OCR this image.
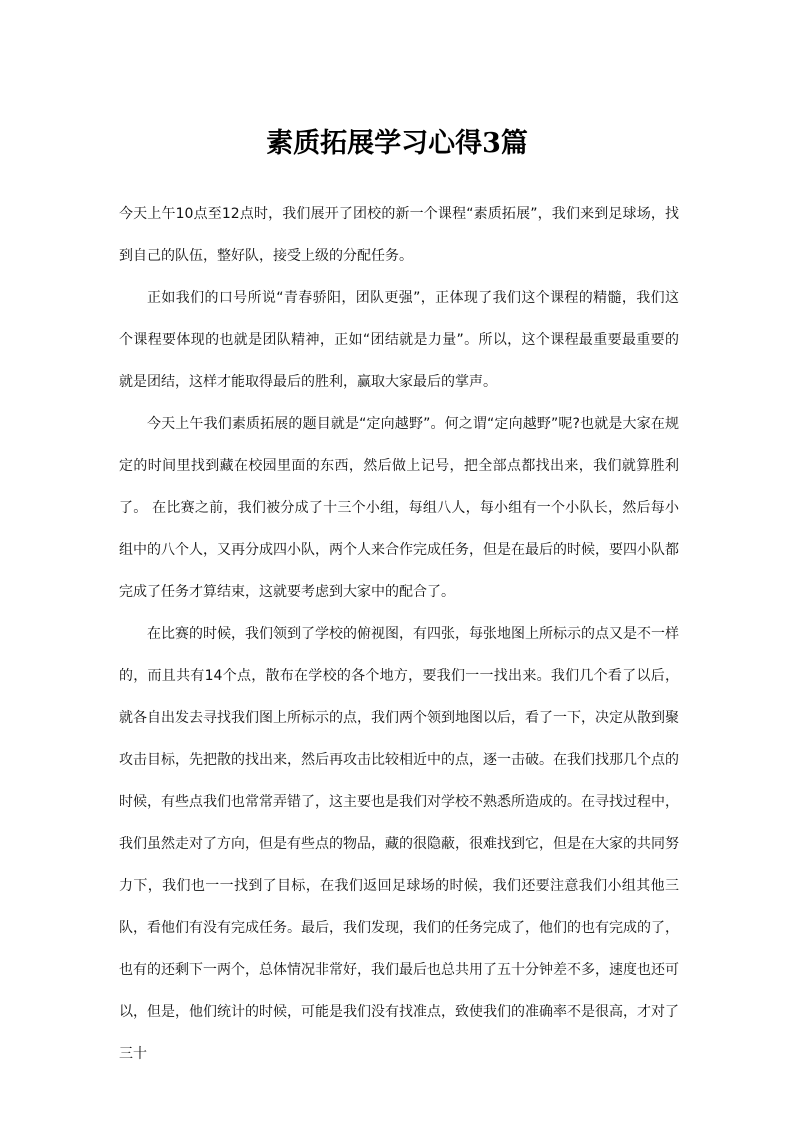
素质拓展学习心得3篇

今天上午10点至12点时，我们展开了团校的新一个课程“素质拓展”，我们来到足球场，找到自己的队伍，整好队，接受上级的分配任务。

正如我们的口号所说“青春骄阳，团队更强”，正体现了我们这个课程的精髓，我们这个课程要体现的也就是团队精神，正如“团结就是力量”。所以，这个课程最重要最重要的就是团结，这样才能取得最后的胜利，赢取大家最后的掌声。

今天上午我们素质拓展的题目就是“定向越野”。何之谓“定向越野”呢?也就是大家在规定的时间里找到藏在校园里面的东西，然后做上记号，把全部点都找出来，我们就算胜利了。 在比赛之前，我们被分成了十三个小组，每组八人，每小组有一个小队长，然后每小组中的八个人，又再分成四小队，两个人来合作完成任务，但是在最后的时候，要四小队都完成了任务才算结束，这就要考虑到大家中的配合了。

在比赛的时候，我们领到了学校的俯视图，有四张，每张地图上所标示的点又是不一样的，而且共有14个点，散布在学校的各个地方，要我们一一找出来。我们几个看了以后，就各自出发去寻找我们图上所标示的点，我们两个领到地图以后，看了一下，决定从散到聚攻击目标，先把散的找出来，然后再攻击比较相近中的点，逐一击破。在我们找那几个点的时候，有些点我们也常常弄错了，这主要也是我们对学校不熟悉所造成的。在寻找过程中，我们虽然走对了方向，但是有些点的物品，藏的很隐蔽，很难找到它，但是在大家的共同努力下，我们也一一找到了目标，在我们返回足球场的时候，我们还要注意我们小组其他三队，看他们有没有完成任务。最后，我们发现，我们的任务完成了，他们的也有完成的了，也有的还剩下一两个，总体情况非常好，我们最后也总共用了五十分钟差不多，速度也还可以，但是，他们统计的时候，可能是我们没有找准点，致使我们的准确率不是很高，才对了三十
